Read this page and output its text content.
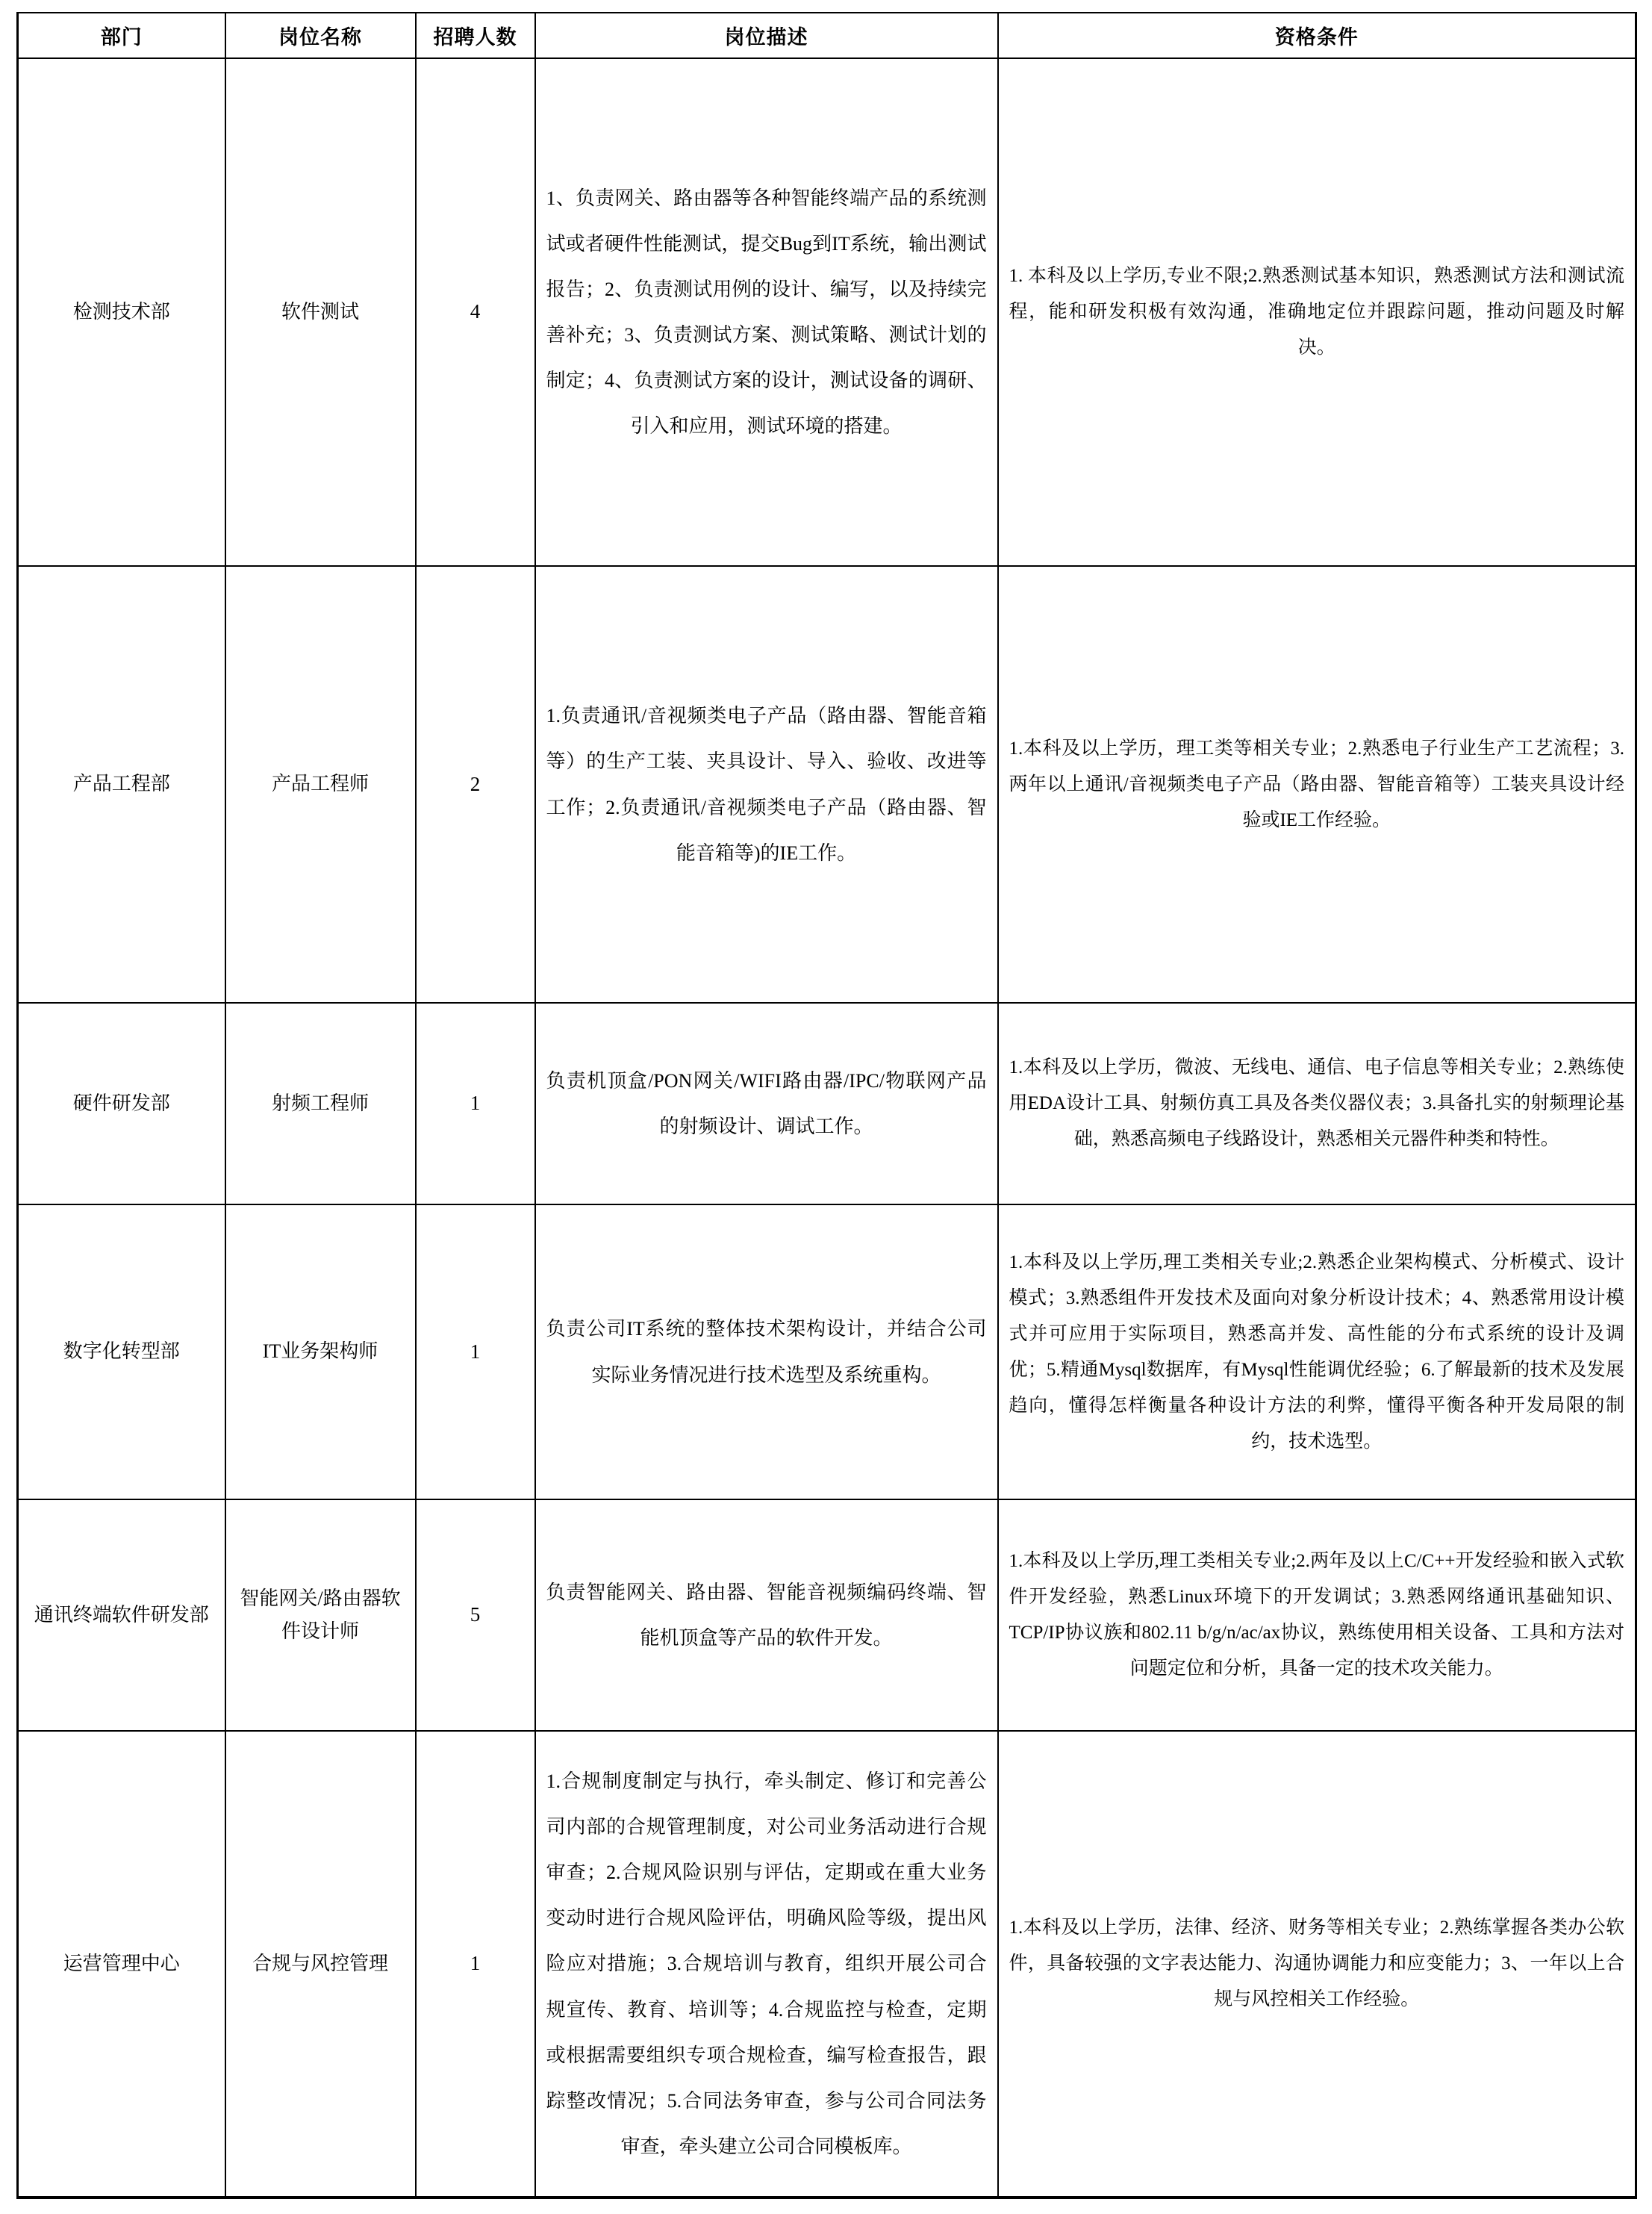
部门	岗位名称	招聘人数	岗位描述	资格条件
检测技术部	软件测试	4	1、负责网关、路由器等各种智能终端产品的系统测试或者硬件性能测试，提交Bug到IT系统，输出测试报告；2、负责测试用例的设计、编写，以及持续完善补充；3、负责测试方案、测试策略、测试计划的制定；4、负责测试方案的设计，测试设备的调研、引入和应用，测试环境的搭建。	1. 本科及以上学历,专业不限;2.熟悉测试基本知识，熟悉测试方法和测试流程，能和研发积极有效沟通，准确地定位并跟踪问题，推动问题及时解决。
产品工程部	产品工程师	2	1.负责通讯/音视频类电子产品（路由器、智能音箱等）的生产工装、夹具设计、导入、验收、改进等工作；2.负责通讯/音视频类电子产品（路由器、智能音箱等)的IE工作。	1.本科及以上学历，理工类等相关专业；2.熟悉电子行业生产工艺流程；3.两年以上通讯/音视频类电子产品（路由器、智能音箱等）工装夹具设计经验或IE工作经验。
硬件研发部	射频工程师	1	负责机顶盒/PON网关/WIFI路由器/IPC/物联网产品的射频设计、调试工作。	1.本科及以上学历，微波、无线电、通信、电子信息等相关专业；2.熟练使用EDA设计工具、射频仿真工具及各类仪器仪表；3.具备扎实的射频理论基础，熟悉高频电子线路设计，熟悉相关元器件种类和特性。
数字化转型部	IT业务架构师	1	负责公司IT系统的整体技术架构设计，并结合公司实际业务情况进行技术选型及系统重构。	1.本科及以上学历,理工类相关专业;2.熟悉企业架构模式、分析模式、设计模式；3.熟悉组件开发技术及面向对象分析设计技术；4、熟悉常用设计模式并可应用于实际项目，熟悉高并发、高性能的分布式系统的设计及调优；5.精通Mysql数据库，有Mysql性能调优经验；6.了解最新的技术及发展趋向，懂得怎样衡量各种设计方法的利弊，懂得平衡各种开发局限的制约，技术选型。
通讯终端软件研发部	智能网关/路由器软件设计师	5	负责智能网关、路由器、智能音视频编码终端、智能机顶盒等产品的软件开发。	1.本科及以上学历,理工类相关专业;2.两年及以上C/C++开发经验和嵌入式软件开发经验，熟悉Linux环境下的开发调试；3.熟悉网络通讯基础知识、TCP/IP协议族和802.11 b/g/n/ac/ax协议，熟练使用相关设备、工具和方法对问题定位和分析，具备一定的技术攻关能力。
运营管理中心	合规与风控管理	1	1.合规制度制定与执行，牵头制定、修订和完善公司内部的合规管理制度，对公司业务活动进行合规审查；2.合规风险识别与评估，定期或在重大业务变动时进行合规风险评估，明确风险等级，提出风险应对措施；3.合规培训与教育，组织开展公司合规宣传、教育、培训等；4.合规监控与检查，定期或根据需要组织专项合规检查，编写检查报告，跟踪整改情况；5.合同法务审查，参与公司合同法务审查，牵头建立公司合同模板库。	1.本科及以上学历，法律、经济、财务等相关专业；2.熟练掌握各类办公软件，具备较强的文字表达能力、沟通协调能力和应变能力；3、一年以上合规与风控相关工作经验。
